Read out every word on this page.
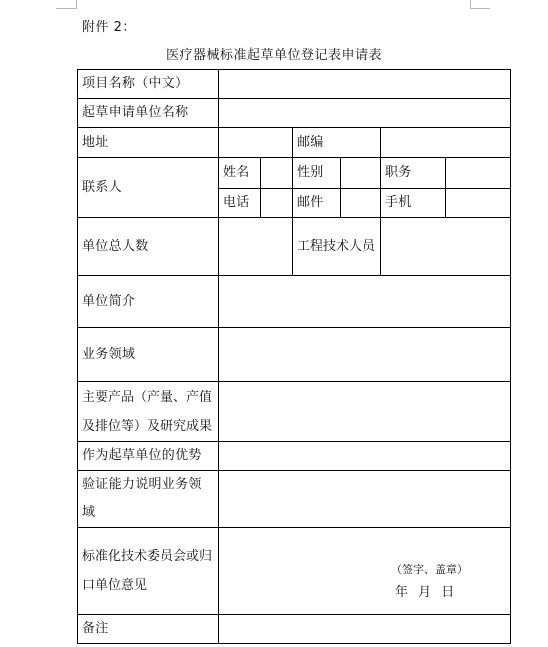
附件 2：
医疗器械标准起草单位登记表申请表
项目名称（中文）						
起草申请单位名称						
地址			邮编			
联系人	姓名		性别		职务	
	电话		邮件		手机	
单位总人数			工程技术人员			
单位简介						
业务领域						
主要产品（产量、产值及排位等）及研究成果						
作为起草单位的优势						
验证能力说明业务领域						
标准化技术委员会或归口单位意见	（签字、盖章）
年 月 日					

备注						
